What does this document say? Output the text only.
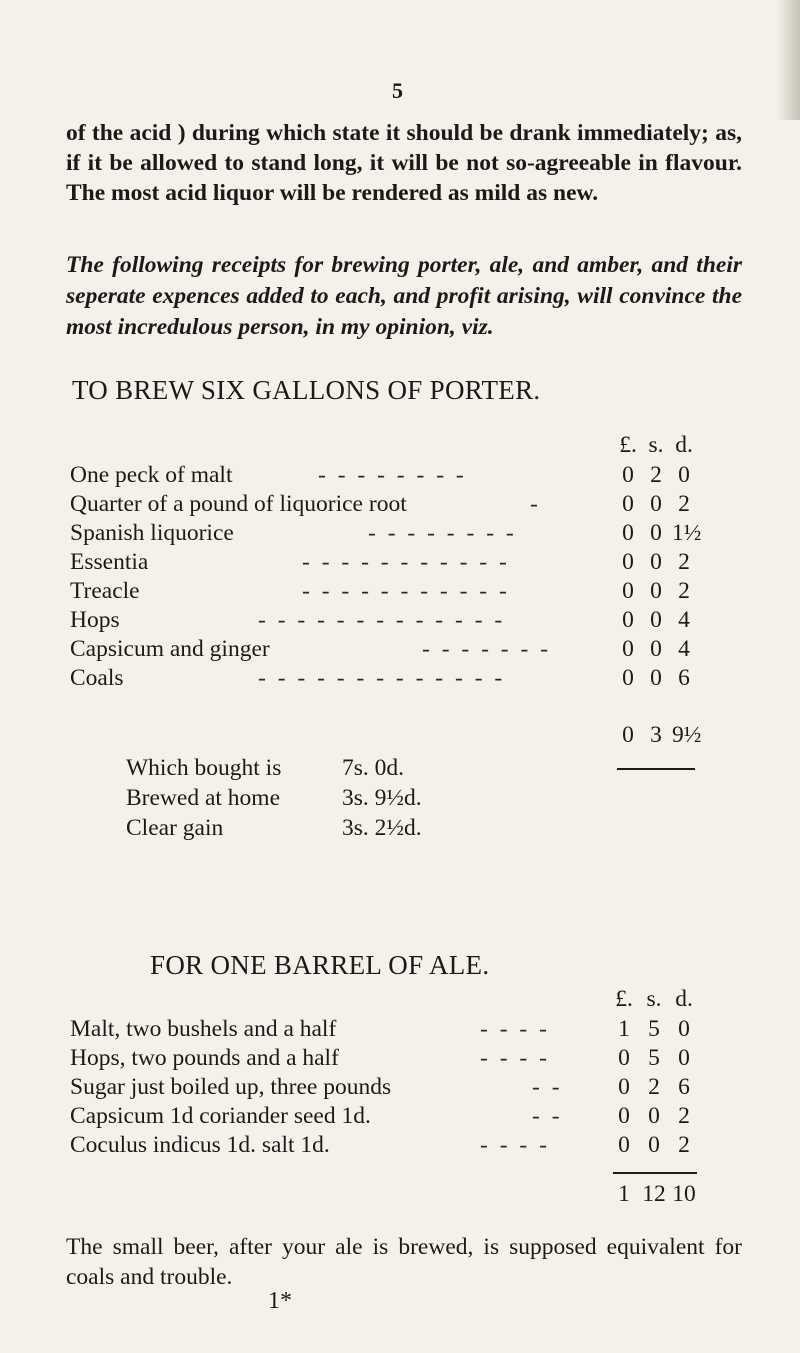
5
of the acid ) during which state it should be drank immediately; as, if it be allowed to stand long, it will be not so-agreeable in flavour. The most acid liquor will be rendered as mild as new.
The following receipts for brewing porter, ale, and amber, and their seperate expences added to each, and profit arising, will convince the most incredulous person, in my opinion, viz.
TO BREW SIX GALLONS OF PORTER.
£. s. d.
One peck of malt	- - - - - - - -	0 2 0
Quarter of a pound of liquorice root	-	0 0 2
Spanish liquorice	- - - - - - - -	0 0 1½
Essentia	- - - - - - - - - - -	0 0 2
Treacle	- - - - - - - - - - -	0 0 2
Hops	- - - - - - - - - - - - -	0 0 4
Capsicum and ginger	- - - - - - -	0 0 4
Coals	- - - - - - - - - - - - -	0 0 6
0 3 9½
Which bought is	7s. 0d.
Brewed at home	3s. 9½d.
Clear gain	3s. 2½d.
FOR ONE BARREL OF ALE.
£. s. d.
Malt, two bushels and a half	- - - -	1 5 0
Hops, two pounds and a half	- - - -	0 5 0
Sugar just boiled up, three pounds	- - 0 2 6
Capsicum 1d coriander seed 1d.	- - 0 0 2
Coculus indicus 1d. salt 1d.	- - - -	0 0 2
1 12 10
The small beer, after your ale is brewed, is supposed equivalent for coals and trouble.
1*
